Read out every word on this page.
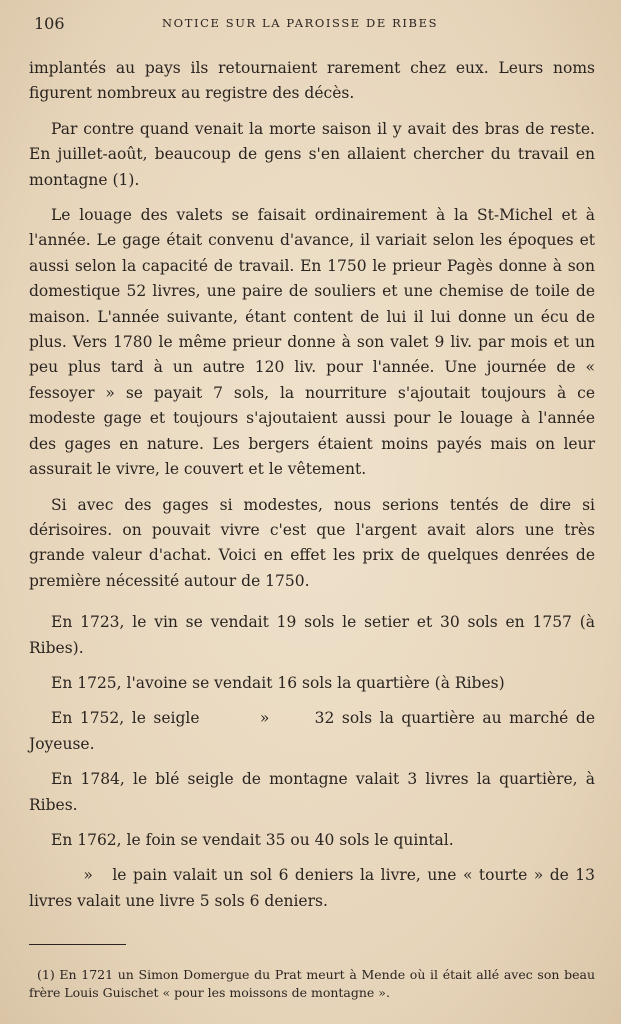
106	NOTICE SUR LA PAROISSE DE RIBES

implantés au pays ils retournaient rarement chez eux. Leurs noms figurent nombreux au registre des décès.

Par contre quand venait la morte saison il y avait des bras de reste. En juillet-août, beaucoup de gens s'en allaient chercher du travail en montagne (1).

Le louage des valets se faisait ordinairement à la St-Michel et à l'année. Le gage était convenu d'avance, il variait selon les époques et aussi selon la capacité de travail. En 1750 le prieur Pagès donne à son domestique 52 livres, une paire de souliers et une chemise de toile de maison. L'année suivante, étant content de lui il lui donne un écu de plus. Vers 1780 le même prieur donne à son valet 9 liv. par mois et un peu plus tard à un autre 120 liv. pour l'année. Une journée de « fessoyer » se payait 7 sols, la nourriture s'ajoutait toujours à ce modeste gage et toujours s'ajoutaient aussi pour le louage à l'année des gages en nature. Les bergers étaient moins payés mais on leur assurait le vivre, le couvert et le vêtement.

Si avec des gages si modestes, nous serions tentés de dire si dérisoires. on pouvait vivre c'est que l'argent avait alors une très grande valeur d'achat. Voici en effet les prix de quelques denrées de première nécessité autour de 1750.

En 1723, le vin se vendait 19 sols le setier et 30 sols en 1757 (à Ribes).

En 1725, l'avoine se vendait 16 sols la quartière (à Ribes)

En 1752, le seigle        »      32 sols la quartière au marché de Joyeuse.

En 1784, le blé seigle de montagne valait 3 livres la quartière, à Ribes.

En 1762, le foin se vendait 35 ou 40 sols le quintal.

»   le pain valait un sol 6 deniers la livre, une « tourte » de 13 livres valait une livre 5 sols 6 deniers.

(1) En 1721 un Simon Domergue du Prat meurt à Mende où il était allé avec son beau frère Louis Guischet « pour les moissons de montagne ».
